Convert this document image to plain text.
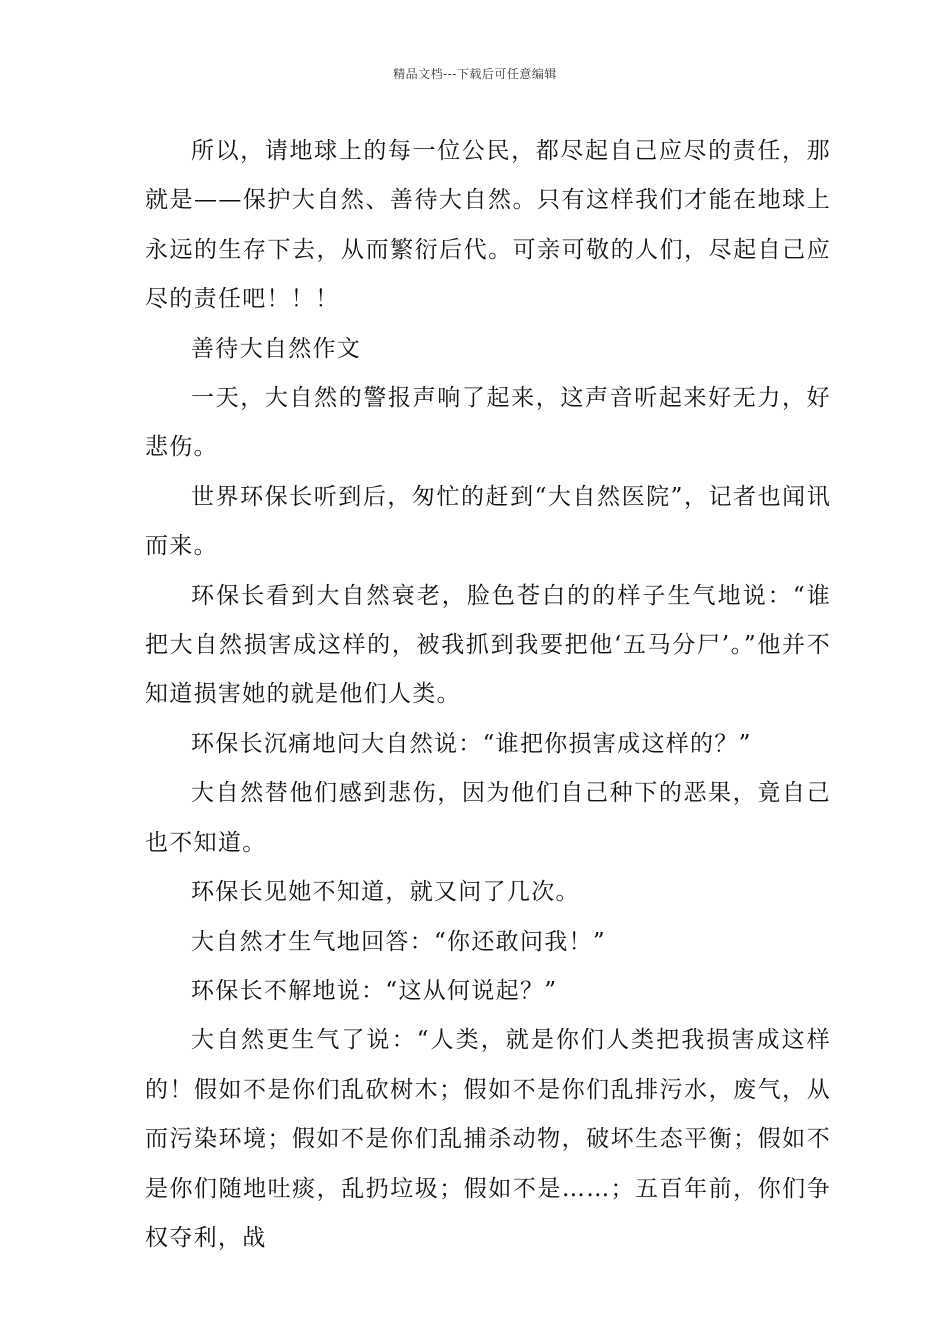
精品文档---下载后可任意编辑

所以，请地球上的每一位公民，都尽起自己应尽的责任，那就是——保护大自然、善待大自然。只有这样我们才能在地球上永远的生存下去，从而繁衍后代。可亲可敬的人们，尽起自己应尽的责任吧！！！

善待大自然作文

一天，大自然的警报声响了起来，这声音听起来好无力，好悲伤。

世界环保长听到后，匆忙的赶到“大自然医院”，记者也闻讯而来。

环保长看到大自然衰老，脸色苍白的的样子生气地说：“谁把大自然损害成这样的，被我抓到我要把他‘五马分尸’。”他并不知道损害她的就是他们人类。

环保长沉痛地问大自然说：“谁把你损害成这样的？”

大自然替他们感到悲伤，因为他们自己种下的恶果，竟自己也不知道。

环保长见她不知道，就又问了几次。

大自然才生气地回答：“你还敢问我！”

环保长不解地说：“这从何说起？”

大自然更生气了说：“人类，就是你们人类把我损害成这样的！假如不是你们乱砍树木；假如不是你们乱排污水，废气，从而污染环境；假如不是你们乱捕杀动物，破坏生态平衡；假如不是你们随地吐痰，乱扔垃圾；假如不是……；五百年前，你们争权夺利，战
